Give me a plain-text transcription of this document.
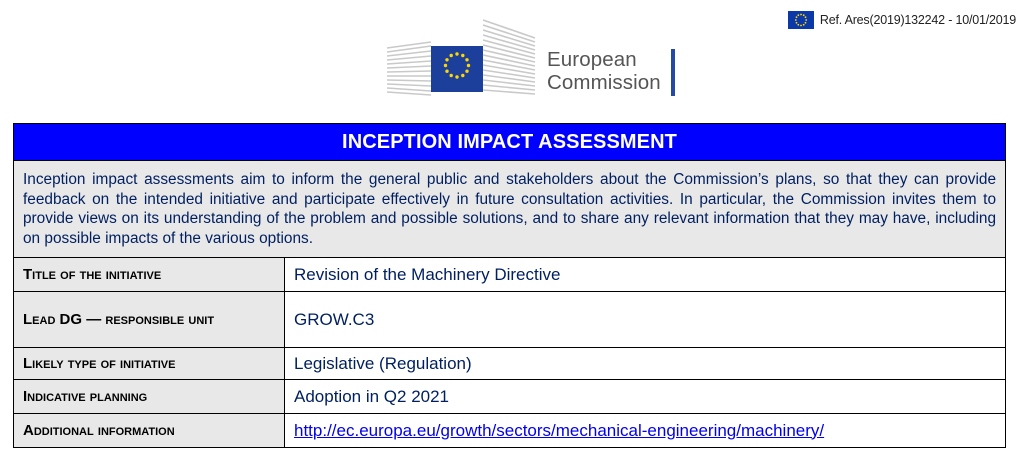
Ref. Ares(2019)132242 - 10/01/2019
European
Commission
INCEPTION IMPACT ASSESSMENT	
Inception impact assessments aim to inform the general public and stakeholders about the Commission’s plans, so that they can provide feedback on the intended initiative and participate effectively in future consultation activities. In particular, the Commission invites them to provide views on its understanding of the problem and possible solutions, and to share any relevant information that they may have, including on possible impacts of the various options.	
Title of the initiative	Revision of the Machinery Directive
Lead DG — responsible unit	GROW.C3
Likely type of initiative	Legislative (Regulation)
Indicative planning	Adoption in Q2 2021
Additional information	http://ec.europa.eu/growth/sectors/mechanical-engineering/machinery/
